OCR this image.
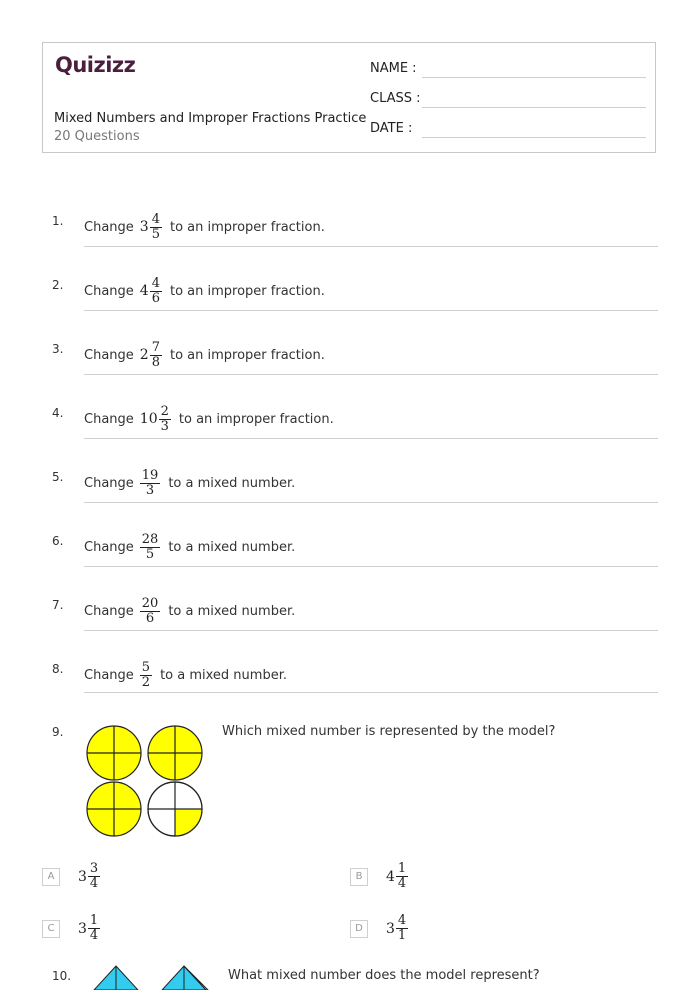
Quizizz
Mixed Numbers and Improper Fractions Practice
20 Questions
NAME :
CLASS :
DATE :
1. Change $3 \frac{4}{5}$ to an improper fraction.
2. Change $4 \frac{4}{6}$ to an improper fraction.
3. Change $2 \frac{7}{8}$ to an improper fraction.
4. Change $10 \frac{2}{3}$ to an improper fraction.
5. Change $\frac{19}{3}$ to a mixed number.
6. Change $\frac{28}{5}$ to a mixed number.
7. Change $\frac{20}{6}$ to a mixed number.
8. Change $\frac{5}{2}$ to a mixed number.
9.	Which mixed number is represented by the model?
A	$3 \frac{3}{4}$	B	$4 \frac{1}{4}$
C	$3 \frac{1}{4}$	D	$3 \frac{4}{1}$
10.	What mixed number does the model represent?
